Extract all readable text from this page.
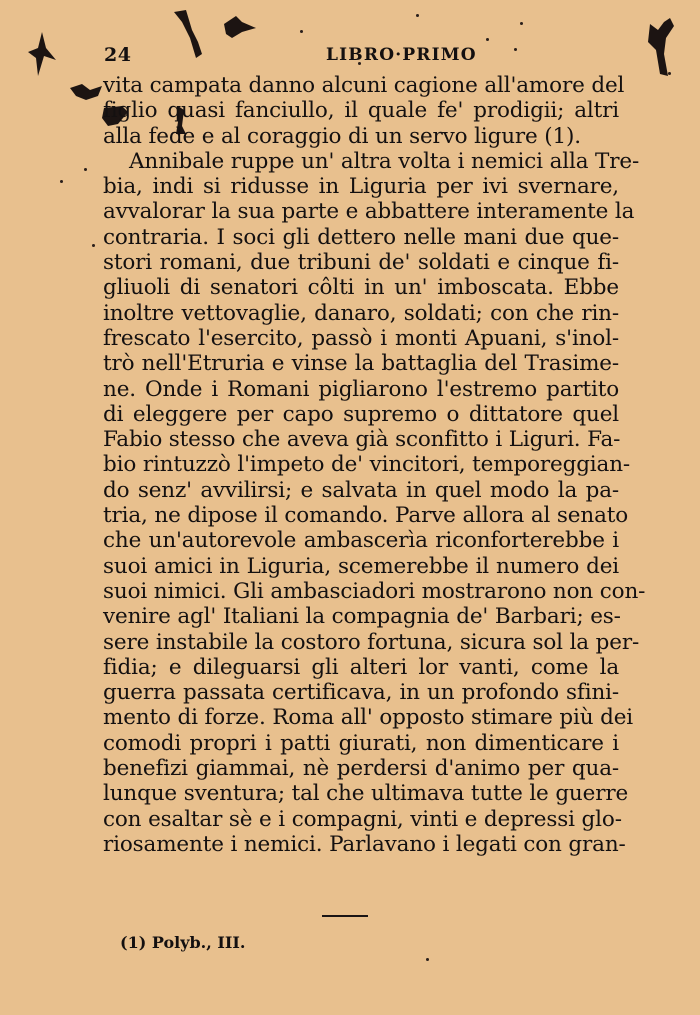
24	LIBRO·PRIMO
vita campata danno alcuni cagione all'amore del
figlio quasi fanciullo, il quale fe' prodigii; altri
alla fede e al coraggio di un servo ligure (1).
Annibale ruppe un' altra volta i nemici alla Tre-
bia, indi si ridusse in Liguria per ivi svernare,
avvalorar la sua parte e abbattere interamente la
contraria. I soci gli dettero nelle mani due que-
stori romani, due tribuni de' soldati e cinque fi-
gliuoli di senatori côlti in un' imboscata. Ebbe
inoltre vettovaglie, danaro, soldati; con che rin-
frescato l'esercito, passò i monti Apuani, s'inol-
trò nell'Etruria e vinse la battaglia del Trasime-
ne. Onde i Romani pigliarono l'estremo partito
di eleggere per capo supremo o dittatore quel
Fabio stesso che aveva già sconfitto i Liguri. Fa-
bio rintuzzò l'impeto de' vincitori, temporeggian-
do senz' avvilirsi; e salvata in quel modo la pa-
tria, ne dipose il comando. Parve allora al senato
che un'autorevole ambascerìa riconforterebbe i
suoi amici in Liguria, scemerebbe il numero dei
suoi nimici. Gli ambasciadori mostrarono non con-
venire agl' Italiani la compagnia de' Barbari; es-
sere instabile la costoro fortuna, sicura sol la per-
fidia; e dileguarsi gli alteri lor vanti, come la
guerra passata certificava, in un profondo sfini-
mento di forze. Roma all' opposto stimare più dei
comodi propri i patti giurati, non dimenticare i
benefizi giammai, nè perdersi d'animo per qua-
lunque sventura; tal che ultimava tutte le guerre
con esaltar sè e i compagni, vinti e depressi glo-
riosamente i nemici. Parlavano i legati con gran-
(1) Polyb., III.
